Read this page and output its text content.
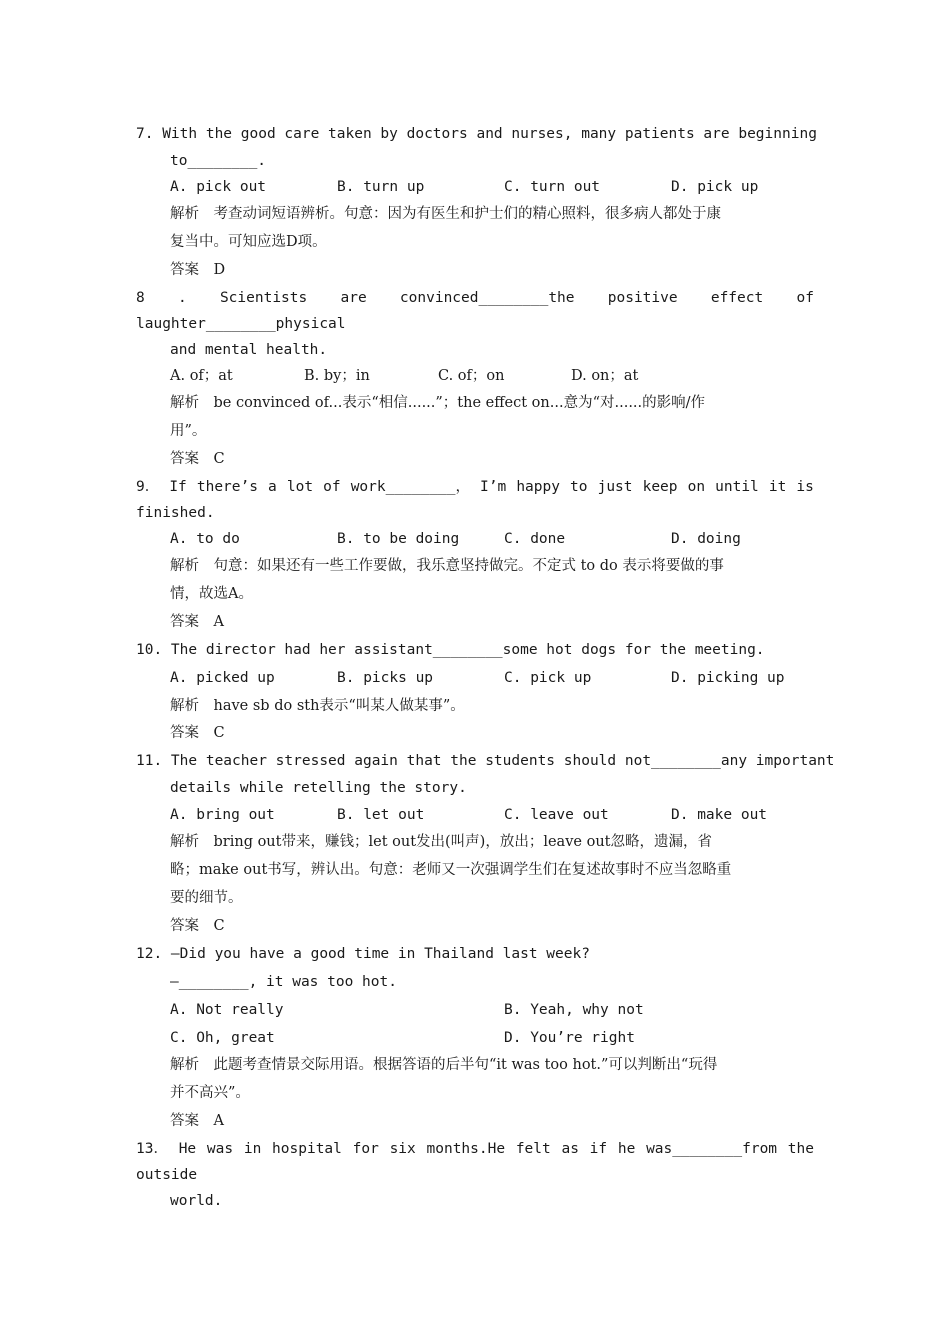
7. With the good care taken by doctors and nurses, many patients are beginning
to________.
A. pick out	B. turn up	C. turn out	D. pick up
解析　考查动词短语辨析。句意：因为有医生和护士们的精心照料，很多病人都处于康
复当中。可知应选D项。
答案　D
8 . Scientists are convinced________the positive effect of
laughter________physical
and mental health.
A. of；at	B. by；in	C. of；on	D. on；at
解析　be convinced of...表示“相信......”；the effect on...意为“对......的影响/作
用”。
答案　C
9． If there’s a lot of work________， I’m happy to just keep on until it is
finished.
A. to do	B. to be doing	C. done	D. doing
解析　句意：如果还有一些工作要做，我乐意坚持做完。不定式 to do 表示将要做的事
情，故选A。
答案　A
10. The director had her assistant________some hot dogs for the meeting.
A. picked up	B. picks up	C. pick up	D. picking up
解析　have sb do sth表示“叫某人做某事”。
答案　C
11. The teacher stressed again that the students should not________any important
details while retelling the story.
A. bring out	B. let out	C. leave out	D. make out
解析　bring out带来，赚钱；let out发出(叫声)，放出；leave out忽略，遗漏，省
略；make out书写，辨认出。句意：老师又一次强调学生们在复述故事时不应当忽略重
要的细节。
答案　C
12. —Did you have a good time in Thailand last week?
—________, it was too hot.
A. Not really	B. Yeah, why not
C. Oh, great	D. You’re right
解析　此题考查情景交际用语。根据答语的后半句“it was too hot.”可以判断出“玩得
并不高兴”。
答案　A
13． He was in hospital for six months.He felt as if he was________from the
outside
world.
